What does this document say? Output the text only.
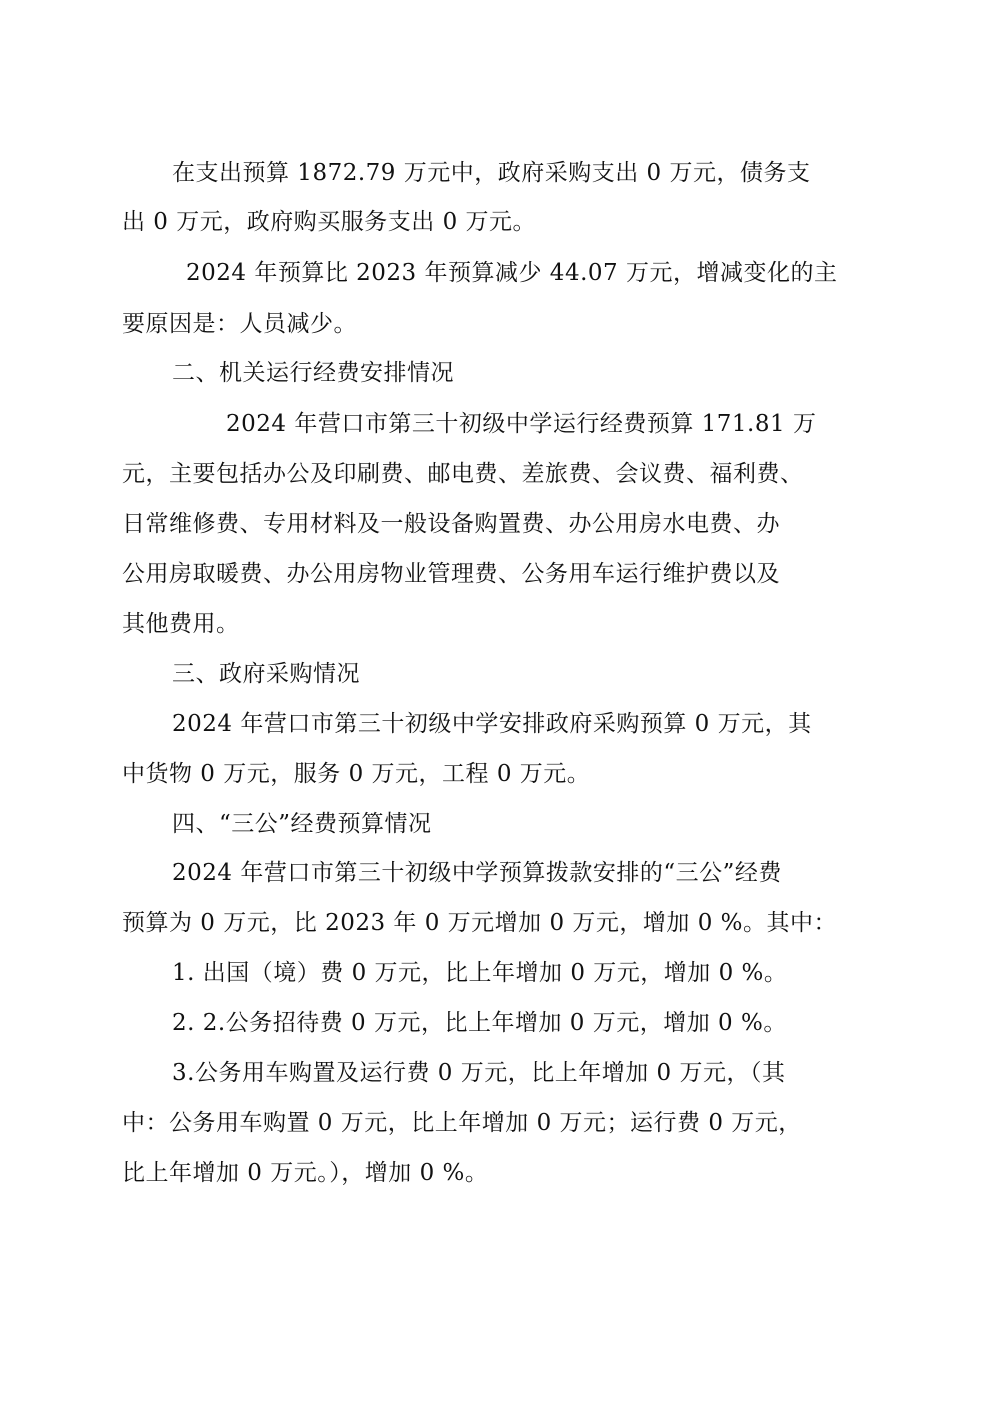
在支出预算 1872.79 万元中，政府采购支出 0 万元，债务支
出 0 万元，政府购买服务支出 0 万元。
2024 年预算比 2023 年预算减少 44.07 万元，增减变化的主
要原因是：人员减少。
二、机关运行经费安排情况
2024 年营口市第三十初级中学运行经费预算 171.81 万
元，主要包括办公及印刷费、邮电费、差旅费、会议费、福利费、
日常维修费、专用材料及一般设备购置费、办公用房水电费、办
公用房取暖费、办公用房物业管理费、公务用车运行维护费以及
其他费用。
三、政府采购情况
2024 年营口市第三十初级中学安排政府采购预算 0 万元，其
中货物 0 万元，服务 0 万元，工程 0 万元。
四、“三公”经费预算情况
2024 年营口市第三十初级中学预算拨款安排的“三公”经费
预算为 0 万元，比 2023 年 0 万元增加 0 万元，增加 0 %。其中：
1. 出国（境）费 0 万元，比上年增加 0 万元，增加 0 %。
2. 2.公务招待费 0 万元，比上年增加 0 万元，增加 0 %。
3.公务用车购置及运行费 0 万元，比上年增加 0 万元，（其
中：公务用车购置 0 万元，比上年增加 0 万元；运行费 0 万元，
比上年增加 0 万元。），增加 0 %。
